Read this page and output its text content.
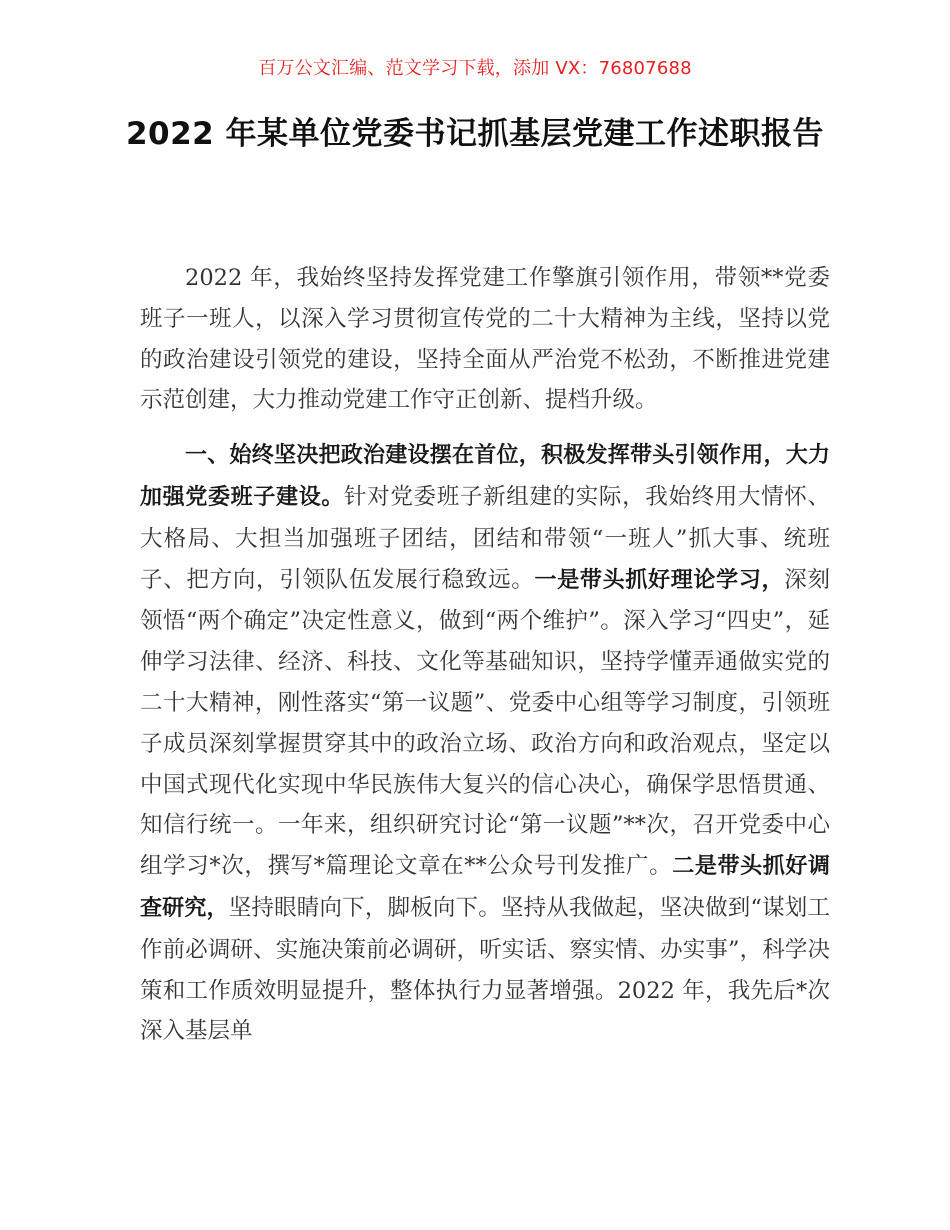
百万公文汇编、范文学习下载，添加 VX：76807688
2022 年某单位党委书记抓基层党建工作述职报告

2022 年，我始终坚持发挥党建工作擎旗引领作用，带领**党委班子一班人，以深入学习贯彻宣传党的二十大精神为主线，坚持以党的政治建设引领党的建设，坚持全面从严治党不松劲，不断推进党建示范创建，大力推动党建工作守正创新、提档升级。

一、始终坚决把政治建设摆在首位，积极发挥带头引领作用，大力加强党委班子建设。针对党委班子新组建的实际，我始终用大情怀、大格局、大担当加强班子团结，团结和带领“一班人”抓大事、统班子、把方向，引领队伍发展行稳致远。一是带头抓好理论学习，深刻领悟“两个确定”决定性意义，做到“两个维护”。深入学习“四史”，延伸学习法律、经济、科技、文化等基础知识，坚持学懂弄通做实党的二十大精神，刚性落实“第一议题”、党委中心组等学习制度，引领班子成员深刻掌握贯穿其中的政治立场、政治方向和政治观点，坚定以中国式现代化实现中华民族伟大复兴的信心决心，确保学思悟贯通、知信行统一。一年来，组织研究讨论“第一议题”**次，召开党委中心组学习*次，撰写*篇理论文章在**公众号刊发推广。二是带头抓好调查研究，坚持眼睛向下，脚板向下。坚持从我做起，坚决做到“谋划工作前必调研、实施决策前必调研，听实话、察实情、办实事”，科学决策和工作质效明显提升，整体执行力显著增强。2022 年，我先后*次深入基层单
